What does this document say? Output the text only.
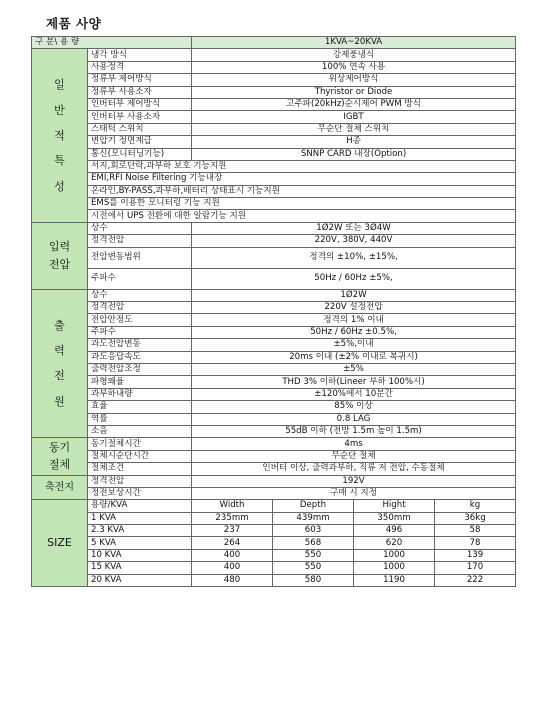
제품 사양
구 분\ 용 량		1KVA~20KVA			
일
반
적
특
성	냉각 방식	강제풍냉식			
	사용정격	100% 연속 사용			
	정류부 제어방식	위상제어방식			
	정류부 사용소자	Thyristor or Diode			
	인버터부 제어방식	고주파(20kHz)순시제어 PWM 방식			
	인버터부 사용소자	IGBT			
	스태틱 스위치	무순단 절체 스위치			
	변압기 정면계급	H종			
	통신(모니터닝기능)	SNNP CARD 내장(Option)			
	서지,회로단락,과부하 보호 기능지원				
	EMI,RFI Noise Filtering 기능내장				
	온라인,BY-PASS,과부하,배터리 상태표시 기능지원				
	EMS를 이용한 모니터링 기능 지원				
	시전에서 UPS 전환에 대한 알람기능 지원				
입력
전압	상수	1Ø2W 또는 3Ø4W			
	정격전압	220V, 380V, 440V			
	전압변동범위	정격의 ±10%, ±15%,			
	주파수	50Hz / 60Hz ±5%,			
출
력
전
원	상수	1Ø2W			
	정격전압	220V 설정전압			
	전압안정도	정격의 1% 이내			
	주파수	50Hz / 60Hz ±0.5%,			
	과도전압변동	±5%,이내			
	과도응답속도	20ms 이내 (±2% 이내로 복귀시)			
	출력전압조정	±5%			
	파형왜율	THD 3% 이하(Lineer 부하 100%시)			
	과부하내량	±120%에서 10분간			
	효율	85% 이상			
	역률	0.8 LAG			
	소음	55dB 이하 (전방 1.5m 높이 1.5m)			
동기
절체	동기절체시간	4ms			
	절체시순단시간	무순단 절체			
	절체조건	인버터 이상, 출력과부하, 직류 저 전압, 수동절체			
축전지	정격전압	192V			
	정전보상시간	구매 시 지정			
SIZE	용량/KVA	Width	Depth	Hight	kg
	1 KVA	235mm	439mm	350mm	36kg
	2.3 KVA	237	603	496	58
	5 KVA	264	568	620	78
	10 KVA	400	550	1000	139
	15 KVA	400	550	1000	170
	20 KVA	480	580	1190	222
